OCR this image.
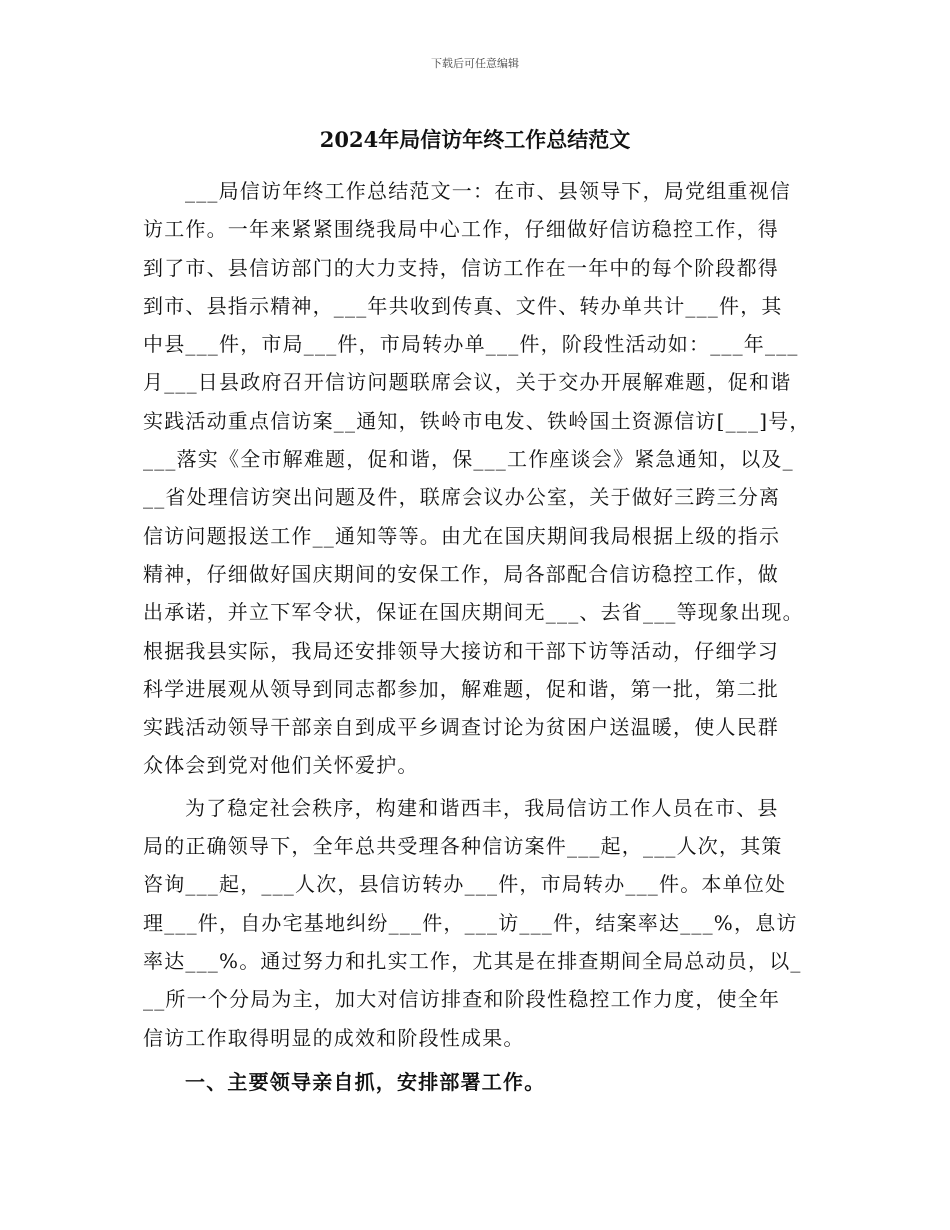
下载后可任意编辑
2024年局信访年终工作总结范文
___局信访年终工作总结范文一：在市、县领导下，局党组重视信
访工作。一年来紧紧围绕我局中心工作，仔细做好信访稳控工作，得
到了市、县信访部门的大力支持，信访工作在一年中的每个阶段都得
到市、县指示精神，___年共收到传真、文件、转办单共计___件，其
中县___件，市局___件，市局转办单___件，阶段性活动如：___年___
月___日县政府召开信访问题联席会议，关于交办开展解难题，促和谐
实践活动重点信访案__通知，铁岭市电发、铁岭国土资源信访[___]号，
___落实《全市解难题，促和谐，保___工作座谈会》紧急通知，以及_
__省处理信访突出问题及件，联席会议办公室，关于做好三跨三分离
信访问题报送工作__通知等等。由尤在国庆期间我局根据上级的指示
精神，仔细做好国庆期间的安保工作，局各部配合信访稳控工作，做
出承诺，并立下军令状，保证在国庆期间无___、去省___等现象出现。
根据我县实际，我局还安排领导大接访和干部下访等活动，仔细学习
科学进展观从领导到同志都参加，解难题，促和谐，第一批，第二批
实践活动领导干部亲自到成平乡调查讨论为贫困户送温暖，使人民群
众体会到党对他们关怀爱护。
为了稳定社会秩序，构建和谐西丰，我局信访工作人员在市、县
局的正确领导下，全年总共受理各种信访案件___起，___人次，其策
咨询___起，___人次，县信访转办___件，市局转办___件。本单位处
理___件，自办宅基地纠纷___件，___访___件，结案率达___%，息访
率达___%。通过努力和扎实工作，尤其是在排查期间全局总动员，以_
__所一个分局为主，加大对信访排查和阶段性稳控工作力度，使全年
信访工作取得明显的成效和阶段性成果。
一、主要领导亲自抓，安排部署工作。
